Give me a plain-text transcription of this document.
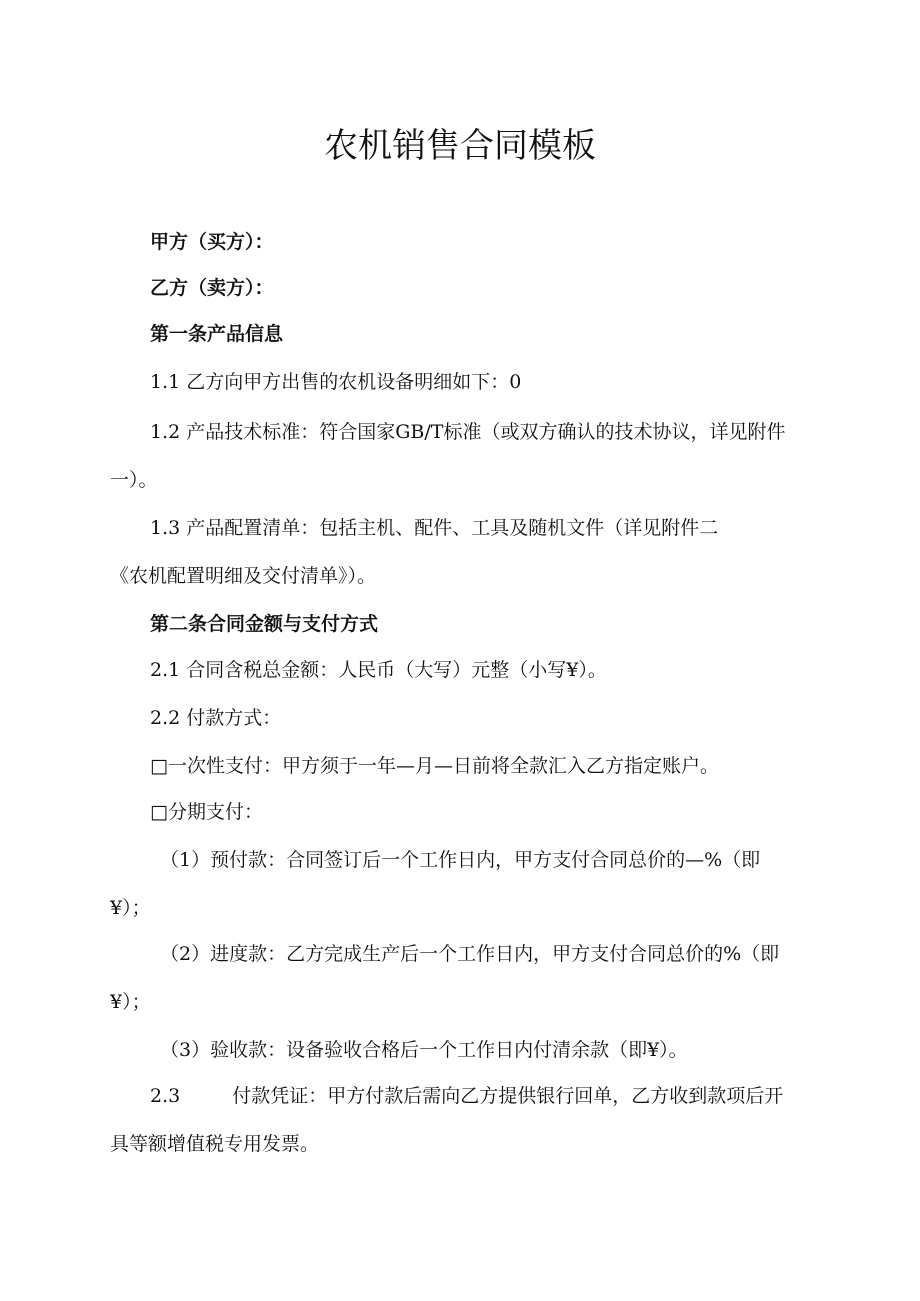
农机销售合同模板

甲方（买方）：

乙方（卖方）：

第一条产品信息

1.1 乙方向甲方出售的农机设备明细如下：0

1.2 产品技术标准：符合国家GB/T标准（或双方确认的技术协议，详见附件

一）。

1.3 产品配置清单：包括主机、配件、工具及随机文件（详见附件二

《农机配置明细及交付清单》）。

第二条合同金额与支付方式

2.1 合同含税总金额：人民币（大写）元整（小写¥）。

2.2 付款方式：

□一次性支付：甲方须于一年—月—日前将全款汇入乙方指定账户。

□分期支付：

（1）预付款：合同签订后一个工作日内，甲方支付合同总价的—%（即

¥）；

（2）进度款：乙方完成生产后一个工作日内，甲方支付合同总价的%（即

¥）；

（3）验收款：设备验收合格后一个工作日内付清余款（即¥）。

2.3	付款凭证：甲方付款后需向乙方提供银行回单，乙方收到款项后开

具等额增值税专用发票。
